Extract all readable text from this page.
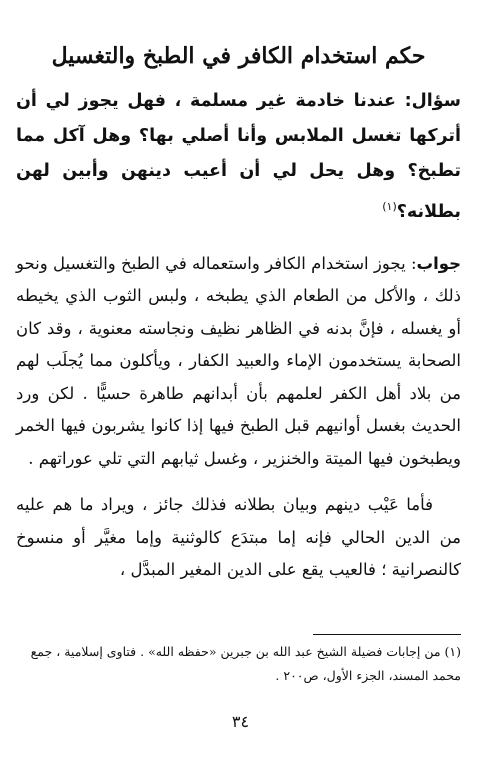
حكم استخدام الكافر في الطبخ والتغسيل

سؤال: عندنا خادمة غير مسلمة ، فهل يجوز لي أن أتركها تغسل الملابس وأنا أصلي بها؟ وهل آكل مما تطبخ؟ وهل يحل لي أن أعيب دينهن وأبين لهن بطلانه؟$^{(١)}$

جواب: يجوز استخدام الكافر واستعماله في الطبخ والتغسيل ونحو ذلك ، والأكل من الطعام الذي يطبخه ، ولبس الثوب الذي يخيطه أو يغسله ، فإنَّ بدنه في الظاهر نظيف ونجاسته معنوية ، وقد كان الصحابة يستخدمون الإماء والعبيد الكفار ، ويأكلون مما يُجلَب لهم من بلاد أهل الكفر لعلمهم بأن أبدانهم طاهرة حسيًّا . لكن ورد الحديث بغسل أوانيهم قبل الطبخ فيها إذا كانوا يشربون فيها الخمر ويطبخون فيها الميتة والخنزير ، وغسل ثيابهم التي تلي عوراتهم .

فأما عَيْب دينهم وبيان بطلانه فذلك جائز ، ويراد ما هم عليه من الدين الحالي فإنه إما مبتدَع كالوثنية وإما مغيَّر أو منسوخ كالنصرانية ؛ فالعيب يقع على الدين المغير المبدَّل ،

(١) من إجابات فضيلة الشيخ عبد الله بن جبرين «حفظه الله» . فتاوى إسلامية ، جمع محمد المسند، الجزء الأول، ص٢٠٠ .
٣٤
